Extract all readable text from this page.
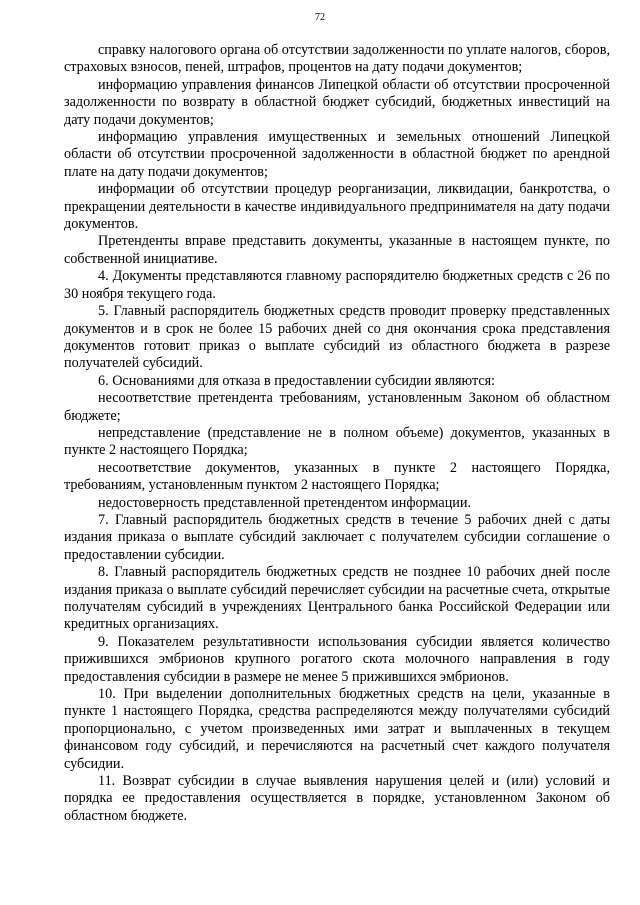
72

справку налогового органа об отсутствии задолженности по уплате налогов, сборов, страховых взносов, пеней, штрафов, процентов на дату подачи документов;

информацию управления финансов Липецкой области об отсутствии просроченной задолженности по возврату в областной бюджет субсидий, бюджетных инвестиций на дату подачи документов;

информацию управления имущественных и земельных отношений Липецкой области об отсутствии просроченной задолженности в областной бюджет по арендной плате на дату подачи документов;

информации об отсутствии процедур реорганизации, ликвидации, банкротства, о прекращении деятельности в качестве индивидуального предпринимателя на дату подачи документов.

Претенденты вправе представить документы, указанные в настоящем пункте, по собственной инициативе.

4. Документы представляются главному распорядителю бюджетных средств с 26 по 30 ноября текущего года.

5. Главный распорядитель бюджетных средств проводит проверку представленных документов и в срок не более 15 рабочих дней со дня окончания срока представления документов готовит приказ о выплате субсидий из областного бюджета в разрезе получателей субсидий.

6. Основаниями для отказа в предоставлении субсидии являются:

несоответствие претендента требованиям, установленным Законом об областном бюджете;

непредставление (представление не в полном объеме) документов, указанных в пункте 2 настоящего Порядка;

несоответствие документов, указанных в пункте 2 настоящего Порядка, требованиям, установленным пунктом 2 настоящего Порядка;

недостоверность представленной претендентом информации.

7. Главный распорядитель бюджетных средств в течение 5 рабочих дней с даты издания приказа о выплате субсидий заключает с получателем субсидии соглашение о предоставлении субсидии.

8. Главный распорядитель бюджетных средств не позднее 10 рабочих дней после издания приказа о выплате субсидий перечисляет субсидии на расчетные счета, открытые получателям субсидий в учреждениях Центрального банка Российской Федерации или кредитных организациях.

9. Показателем результативности использования субсидии является количество прижившихся эмбрионов крупного рогатого скота молочного направления в году предоставления субсидии в размере не менее 5 прижившихся эмбрионов.

10. При выделении дополнительных бюджетных средств на цели, указанные в пункте 1 настоящего Порядка, средства распределяются между получателями субсидий пропорционально, с учетом произведенных ими затрат и выплаченных в текущем финансовом году субсидий, и перечисляются на расчетный счет каждого получателя субсидии.

11. Возврат субсидии в случае выявления нарушения целей и (или) условий и порядка ее предоставления осуществляется в порядке, установленном Законом об областном бюджете.
